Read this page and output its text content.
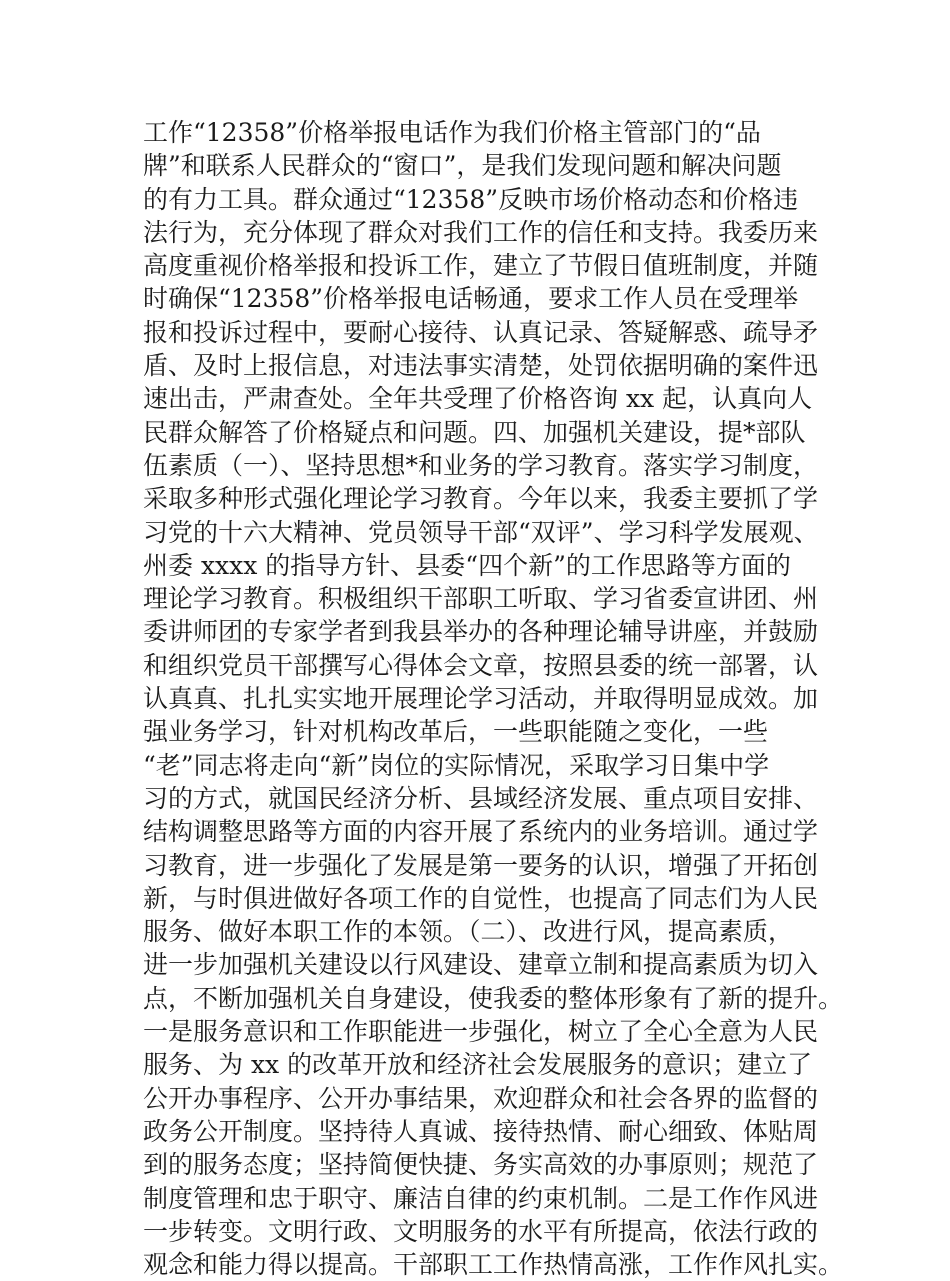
工作“12358”价格举报电话作为我们价格主管部门的“品
牌”和联系人民群众的“窗口”，是我们发现问题和解决问题
的有力工具。群众通过“12358”反映市场价格动态和价格违
法行为，充分体现了群众对我们工作的信任和支持。我委历来
高度重视价格举报和投诉工作，建立了节假日值班制度，并随
时确保“12358”价格举报电话畅通，要求工作人员在受理举
报和投诉过程中，要耐心接待、认真记录、答疑解惑、疏导矛
盾、及时上报信息，对违法事实清楚，处罚依据明确的案件迅
速出击，严肃查处。全年共受理了价格咨询 xx 起，认真向人
民群众解答了价格疑点和问题。四、加强机关建设，提*部队
伍素质（一）、坚持思想*和业务的学习教育。落实学习制度，
采取多种形式强化理论学习教育。今年以来，我委主要抓了学
习党的十六大精神、党员领导干部“双评”、学习科学发展观、
州委 xxxx 的指导方针、县委“四个新”的工作思路等方面的
理论学习教育。积极组织干部职工听取、学习省委宣讲团、州
委讲师团的专家学者到我县举办的各种理论辅导讲座，并鼓励
和组织党员干部撰写心得体会文章，按照县委的统一部署，认
认真真、扎扎实实地开展理论学习活动，并取得明显成效。加
强业务学习，针对机构改革后，一些职能随之变化，一些
“老”同志将走向“新”岗位的实际情况，采取学习日集中学
习的方式，就国民经济分析、县域经济发展、重点项目安排、
结构调整思路等方面的内容开展了系统内的业务培训。通过学
习教育，进一步强化了发展是第一要务的认识，增强了开拓创
新，与时俱进做好各项工作的自觉性，也提高了同志们为人民
服务、做好本职工作的本领。（二）、改进行风，提高素质，
进一步加强机关建设以行风建设、建章立制和提高素质为切入
点，不断加强机关自身建设，使我委的整体形象有了新的提升。
一是服务意识和工作职能进一步强化，树立了全心全意为人民
服务、为 xx 的改革开放和经济社会发展服务的意识；建立了
公开办事程序、公开办事结果，欢迎群众和社会各界的监督的
政务公开制度。坚持待人真诚、接待热情、耐心细致、体贴周
到的服务态度；坚持简便快捷、务实高效的办事原则；规范了
制度管理和忠于职守、廉洁自律的约束机制。二是工作作风进
一步转变。文明行政、文明服务的水平有所提高，依法行政的
观念和能力得以提高。干部职工工作热情高涨，工作作风扎实。
